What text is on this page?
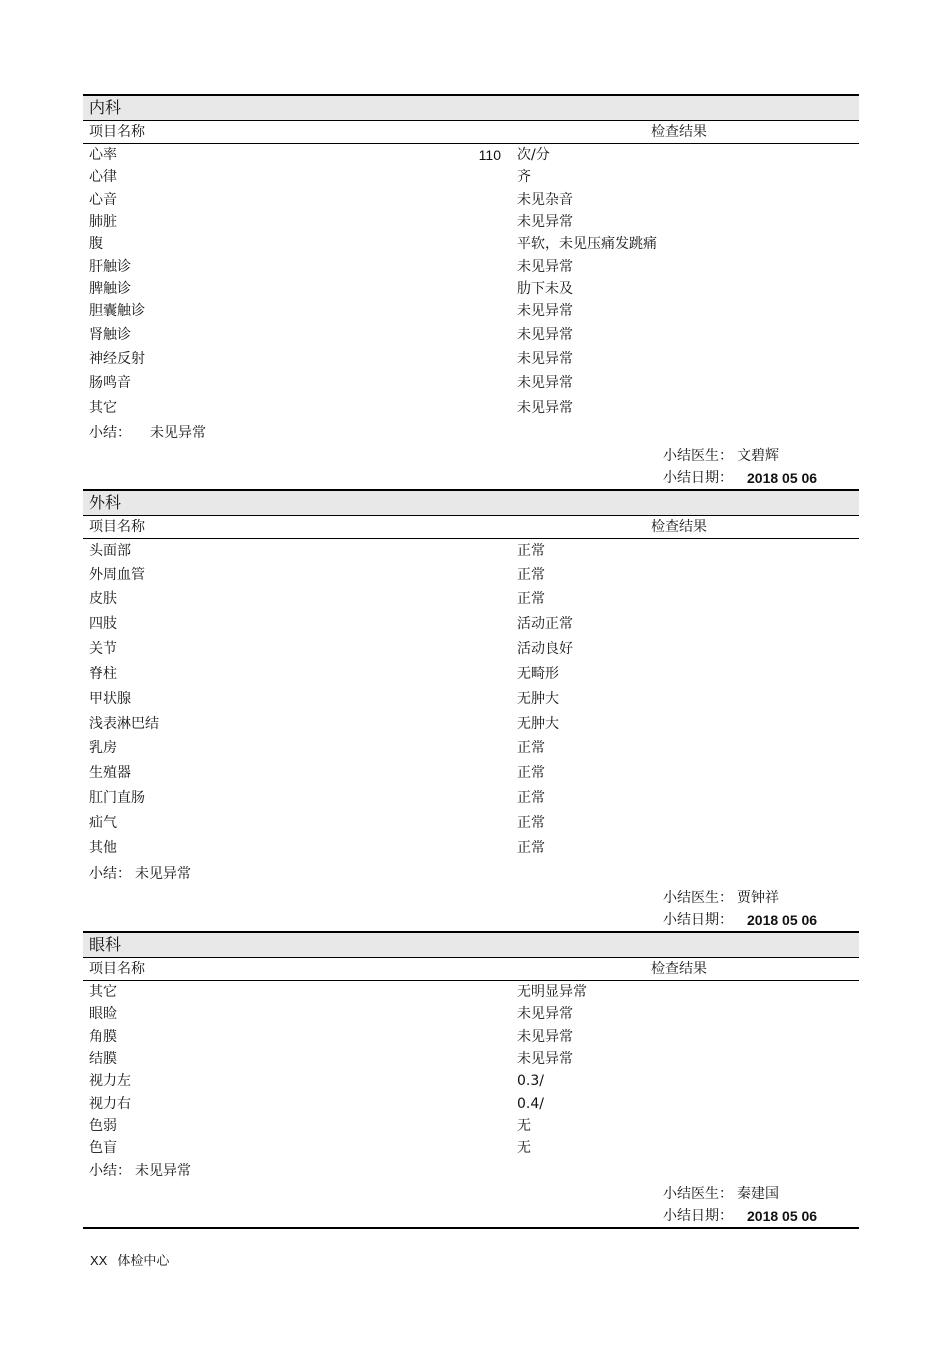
内科
项目名称	检查结果
心率	110 次/分
心律	齐
心音	未见杂音
肺脏	未见异常
腹	平软，未见压痛发跳痛
肝触诊	未见异常
脾触诊	肋下未及
胆囊触诊	未见异常
肾触诊	未见异常
神经反射	未见异常
肠鸣音	未见异常
其它	未见异常
小结： 未见异常
小结医生： 文碧辉
小结日期： 2018 05 06
外科
项目名称	检查结果
头面部	正常
外周血管	正常
皮肤	正常
四肢	活动正常
关节	活动良好
脊柱	无畸形
甲状腺	无肿大
浅表淋巴结	无肿大
乳房	正常
生殖器	正常
肛门直肠	正常
疝气	正常
其他	正常
小结： 未见异常
小结医生： 贾钟祥
小结日期： 2018 05 06
眼科
项目名称	检查结果
其它	无明显异常
眼睑	未见异常
角膜	未见异常
结膜	未见异常
视力左	0.3/
视力右	0.4/
色弱	无
色盲	无
小结： 未见异常
小结医生： 秦建国
小结日期： 2018 05 06
XX 体检中心
